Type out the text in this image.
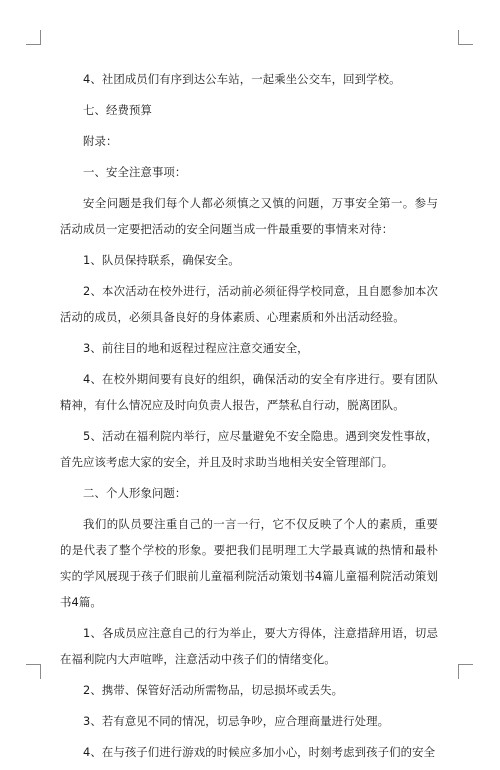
4、社团成员们有序到达公车站，一起乘坐公交车，回到学校。

七、经费预算

附录：

一、安全注意事项：

安全问题是我们每个人都必须慎之又慎的问题，万事安全第一。参与活动成员一定要把活动的安全问题当成一件最重要的事情来对待：

1、队员保持联系，确保安全。

2、本次活动在校外进行，活动前必须征得学校同意，且自愿参加本次活动的成员，必须具备良好的身体素质、心理素质和外出活动经验。

3、前往目的地和返程过程应注意交通安全，

4、在校外期间要有良好的组织，确保活动的安全有序进行。要有团队精神，有什么情况应及时向负责人报告，严禁私自行动，脱离团队。

5、活动在福利院内举行，应尽量避免不安全隐患。遇到突发性事故，首先应该考虑大家的安全，并且及时求助当地相关安全管理部门。

二、个人形象问题：

我们的队员要注重自己的一言一行，它不仅反映了个人的素质，重要的是代表了整个学校的形象。要把我们昆明理工大学最真诚的热情和最朴实的学风展现于孩子们眼前儿童福利院活动策划书4篇儿童福利院活动策划书4篇。

1、各成员应注意自己的行为举止，要大方得体，注意措辞用语，切忌在福利院内大声喧哗，注意活动中孩子们的情绪变化。

2、携带、保管好活动所需物品，切忌损坏或丢失。

3、若有意见不同的情况，切忌争吵，应合理商量进行处理。

4、在与孩子们进行游戏的时候应多加小心，时刻考虑到孩子们的安全
